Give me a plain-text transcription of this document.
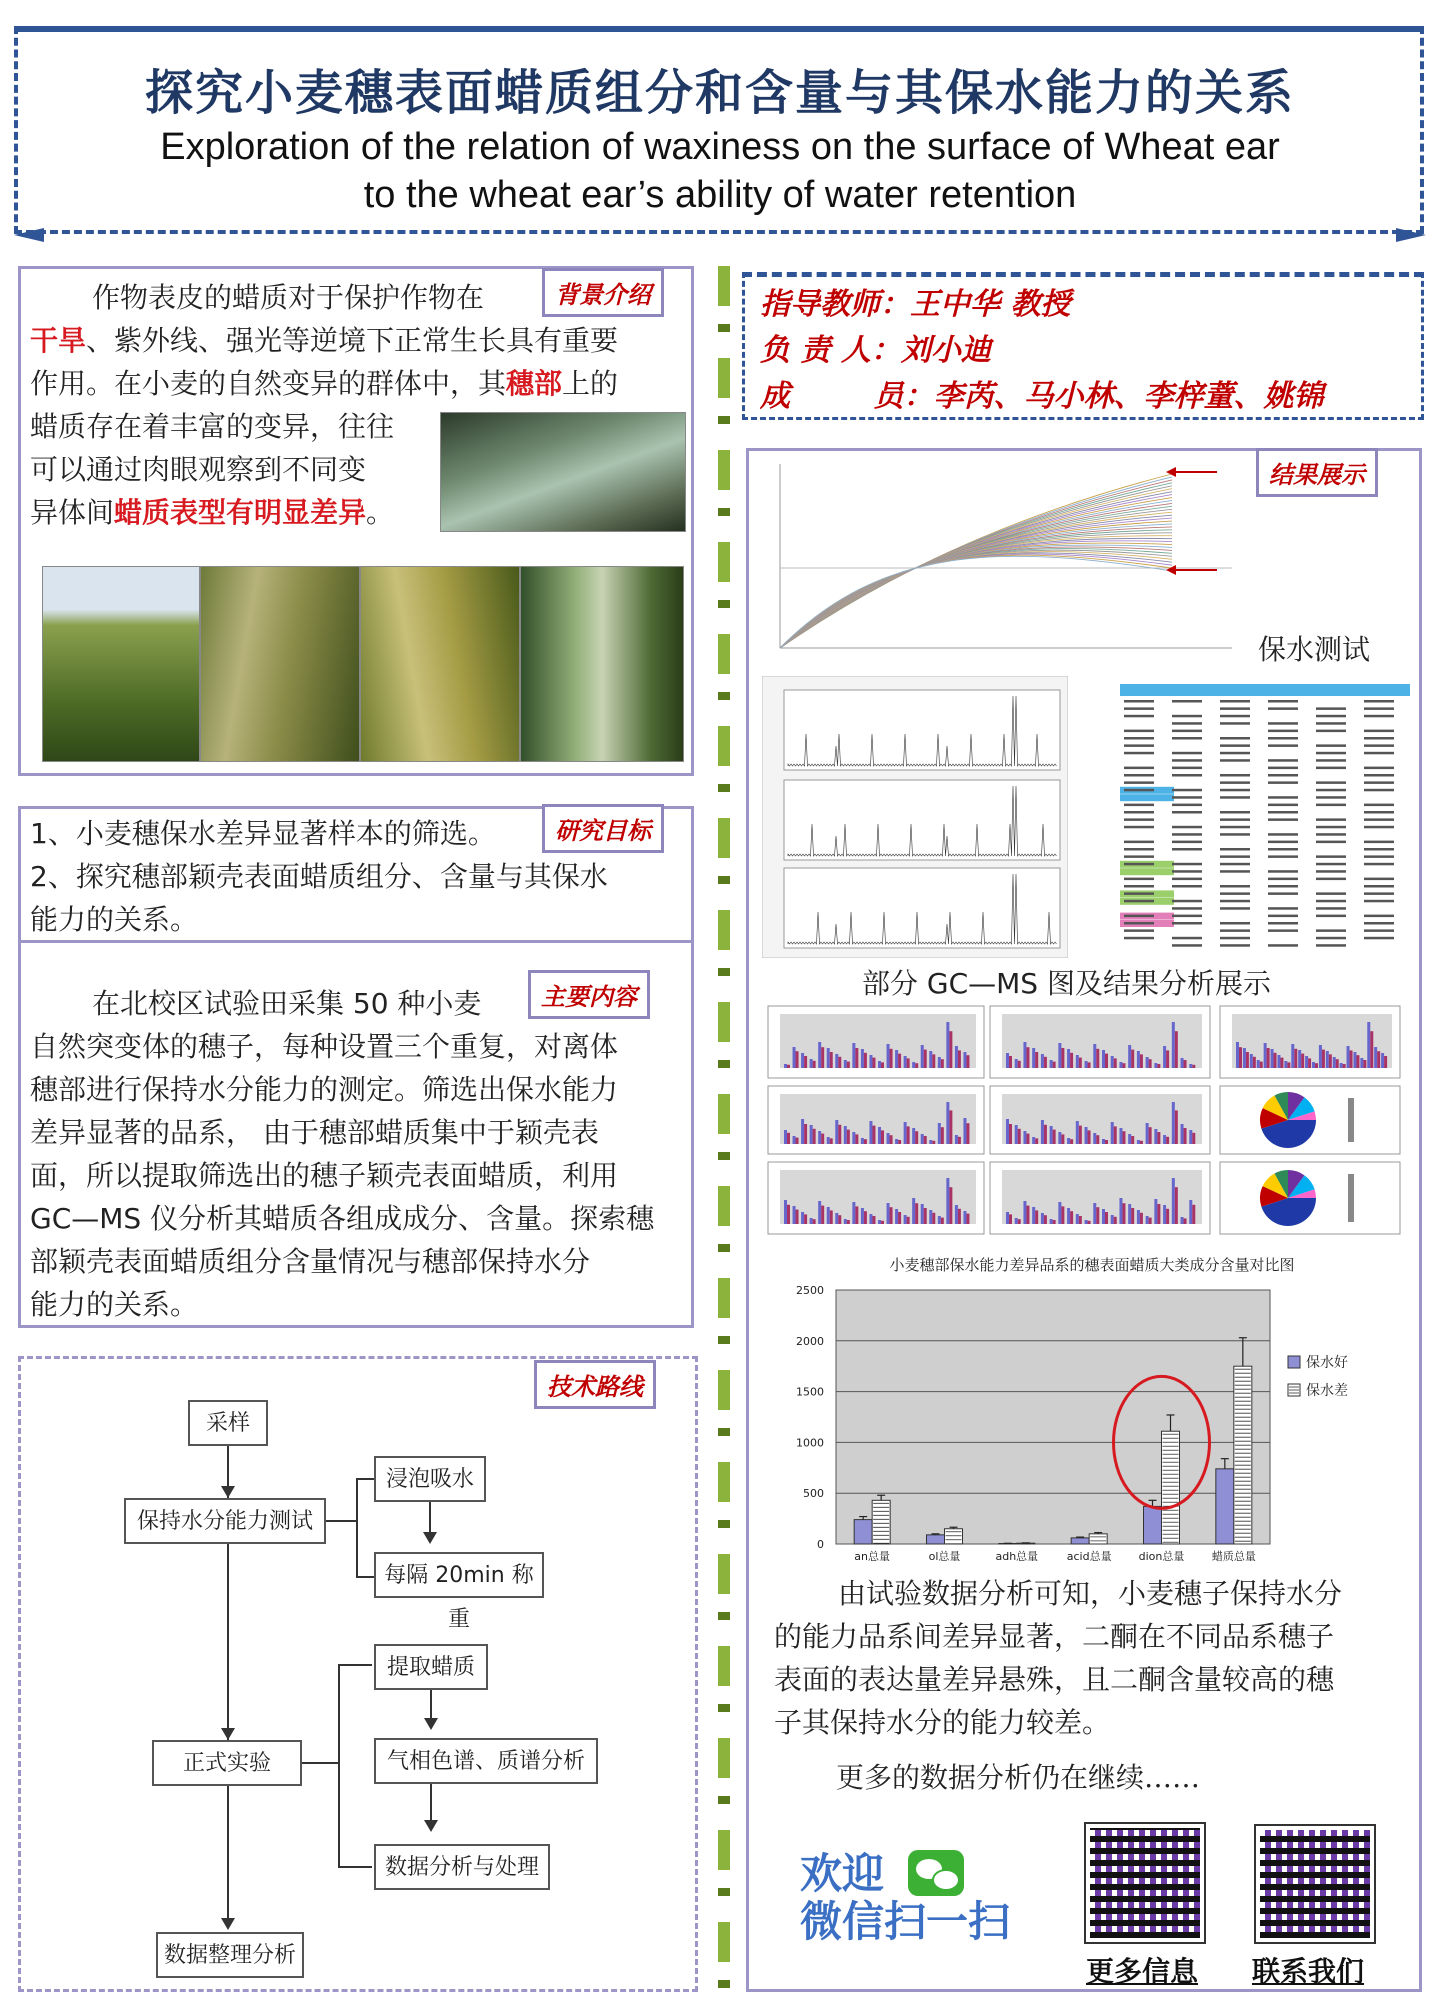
探究小麦穗表面蜡质组分和含量与其保水能力的关系
Exploration of the relation of waxiness on the surface of Wheat ear
to the wheat ear’s ability of water retention
背景介绍
作物表皮的蜡质对于保护作物在
干旱、紫外线、强光等逆境下正常生长具有重要
作用。在小麦的自然变异的群体中，其穗部上的
蜡质存在着丰富的变异，往往
可以通过肉眼观察到不同变
异体间蜡质表型有明显差异。
研究目标
1、小麦穗保水差异显著样本的筛选。
2、探究穗部颖壳表面蜡质组分、含量与其保水
能力的关系。
主要内容
在北校区试验田采集 50 种小麦
自然突变体的穗子，每种设置三个重复，对离体
穗部进行保持水分能力的测定。筛选出保水能力
差异显著的品系， 由于穗部蜡质集中于颖壳表
面，所以提取筛选出的穗子颖壳表面蜡质，利用
GC—MS 仪分析其蜡质各组成成分、含量。探索穗
部颖壳表面蜡质组分含量情况与穗部保持水分
能力的关系。
技术路线
采样
保持水分能力测试
浸泡吸水
每隔 20min 称重
正式实验
提取蜡质
气相色谱、质谱分析
数据分析与处理
数据整理分析
指导教师：王中华 教授
负 责 人：刘小迪
成        员：李芮、马小林、李梓蕫、姚锦
结果展示
保水测试
部分 GC—MS 图及结果分析展示
小麦穗部保水能力差异品系的穗表面蜡质大类成分含量对比图
0
500
1000
1500
2000
2500
an总量	ol总量	adh总量	acid总量 dion总量 蜡质总量
保水好
保水差
由试验数据分析可知，小麦穗子保持水分
的能力品系间差异显著，二酮在不同品系穗子
表面的表达量差异悬殊，且二酮含量较高的穗
子其保持水分的能力较差。
更多的数据分析仍在继续……
欢迎
微信扫一扫
更多信息 联系我们
